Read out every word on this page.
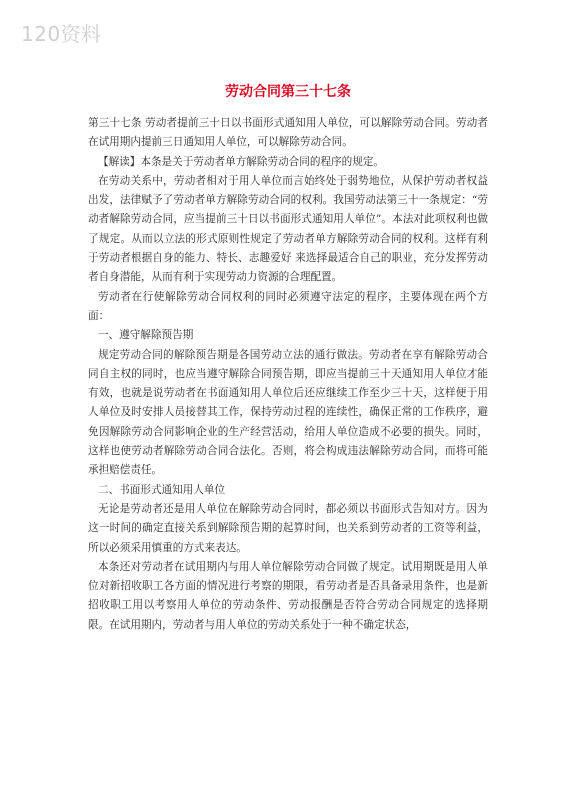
120资料
劳动合同第三十七条

第三十七条 劳动者提前三十日以书面形式通知用人单位，可以解除劳动合同。劳动者在试用期内提前三日通知用人单位，可以解除劳动合同。

【解读】本条是关于劳动者单方解除劳动合同的程序的规定。

在劳动关系中，劳动者相对于用人单位而言始终处于弱势地位，从保护劳动者权益出发，法律赋予了劳动者单方解除劳动合同的权利。我国劳动法第三十一条规定：“劳动者解除劳动合同，应当提前三十日以书面形式通知用人单位”。本法对此项权利也做了规定。从而以立法的形式原则性规定了劳动者单方解除劳动合同的权利。这样有利于劳动者根据自身的能力、特长、志趣爱好 来选择最适合自己的职业，充分发挥劳动者自身潜能，从而有利于实现劳动力资源的合理配置。

劳动者在行使解除劳动合同权利的同时必须遵守法定的程序，主要体现在两个方面：

一、遵守解除预告期

规定劳动合同的解除预告期是各国劳动立法的通行做法。劳动者在享有解除劳动合同自主权的同时，也应当遵守解除合同预告期，即应当提前三十天通知用人单位才能有效，也就是说劳动者在书面通知用人单位后还应继续工作至少三十天，这样便于用人单位及时安排人员接替其工作，保持劳动过程的连续性，确保正常的工作秩序，避免因解除劳动合同影响企业的生产经营活动，给用人单位造成不必要的损失。同时，这样也使劳动者解除劳动合同合法化。否则，将会构成违法解除劳动合同，而将可能承担赔偿责任。

二、书面形式通知用人单位

无论是劳动者还是用人单位在解除劳动合同时，都必须以书面形式告知对方。因为这一时间的确定直接关系到解除预告期的起算时间，也关系到劳动者的工资等利益，所以必须采用慎重的方式来表达。

本条还对劳动者在试用期内与用人单位解除劳动合同做了规定。试用期既是用人单位对新招收职工各方面的情况进行考察的期限，看劳动者是否具备录用条件，也是新招收职工用以考察用人单位的劳动条件、劳动报酬是否符合劳动合同规定的选择期限。在试用期内，劳动者与用人单位的劳动关系处于一种不确定状态，
